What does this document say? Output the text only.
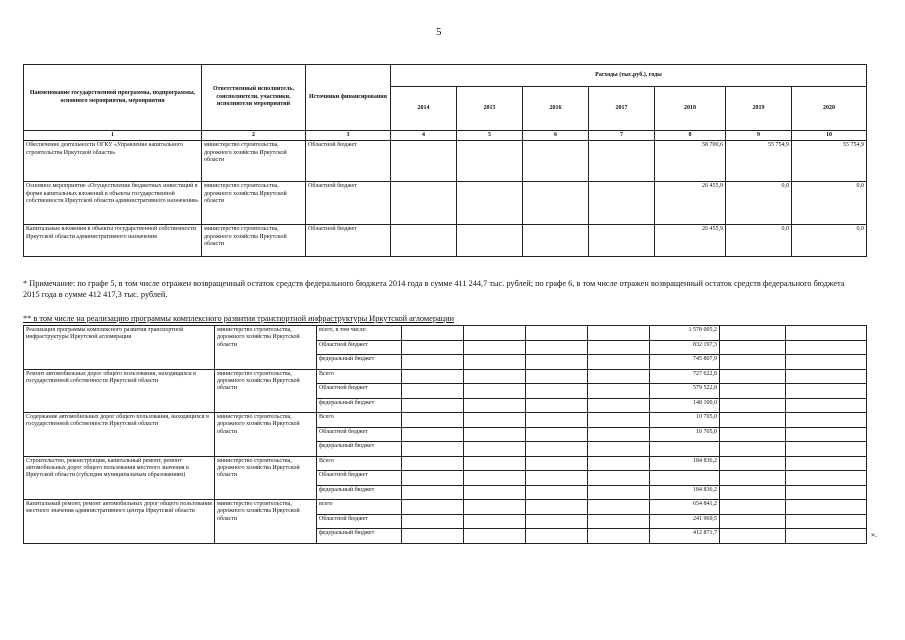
5
Наименование государственной программы, подпрограммы, основного мероприятия, мероприятия	Ответственный исполнитель, соисполнители, участники, исполнители мероприятий	Источники финансирования	Расходы (тыс.руб.), годы						
			2014	2015	2016	2017	2018	2019	2020
1	2	3	4	5	6	7	8	9	10
Обеспечение деятельности ОГКУ «Управление капитального строительства Иркутской области»	министерство строительства, дорожного хозяйства Иркутской области	Областной бюджет					58 700,6	55 754,9	55 754,9
Основное мероприятие «Осуществление бюджетных инвестиций в форме капитальных вложений в объекты государственной собственности Иркутской области административного назначения»	министерство строительства, дорожного хозяйства Иркутской области	Областной бюджет					26 455,9	0,0	0,0
Капитальные вложения в объекты государственной собственности Иркутской области административного назначения	министерство строительства, дорожного хозяйства Иркутской области	Областной бюджет					26 455,9	0,0	0,0
* Примечание: по графе 5, в том числе отражен возвращенный остаток средств федерального бюджета 2014 года в сумме 411 244,7 тыс. рублей; по графе 6, в том числе отражен возвращенный остаток средств федерального бюджета 2015 года в сумме 412 417,3 тыс. рублей.
** в том числе на реализацию программы комплексного развития транспортной инфраструктуры Иркутской агломерации
Реализация программы комплексного развития транспортной инфраструктуры Иркутской агломерации	министерство строительства, дорожного хозяйства Иркутской области	всего, в том числе:					1 578 005,2		
		Областной бюджет					832 197,3		
		федеральный бюджет					745 807,9		
Ремонт автомобильных дорог общего пользования, находящихся в государственной собственности Иркутской области	министерство строительства, дорожного хозяйства Иркутской области	Всего					727 622,8		
		Областной бюджет					579 522,8		
		федеральный бюджет					148 100,0		
Содержание автомобильных дорог общего пользования, находящихся в государственной собственности Иркутской области	министерство строительства, дорожного хозяйства Иркутской области	Всего					10 705,0		
		Областной бюджет					10 705,0		
		федеральный бюджет							
Строительство, реконструкция, капитальный ремонт, ремонт автомобильных дорог общего пользования местного значения в Иркутской области (субсидии муниципальным образованиям)	министерство строительства, дорожного хозяйства Иркутской области	Всего					184 836,2		
		Областной бюджет							
		федеральный бюджет					184 836,2		
Капитальный ремонт, ремонт автомобильных дорог общего пользования местного значения административного центра Иркутской области	министерство строительства, дорожного хозяйства Иркутской области	всего					654 841,2		
		Областной бюджет					241 969,5		
		федеральный бюджет					412 871,7			».
